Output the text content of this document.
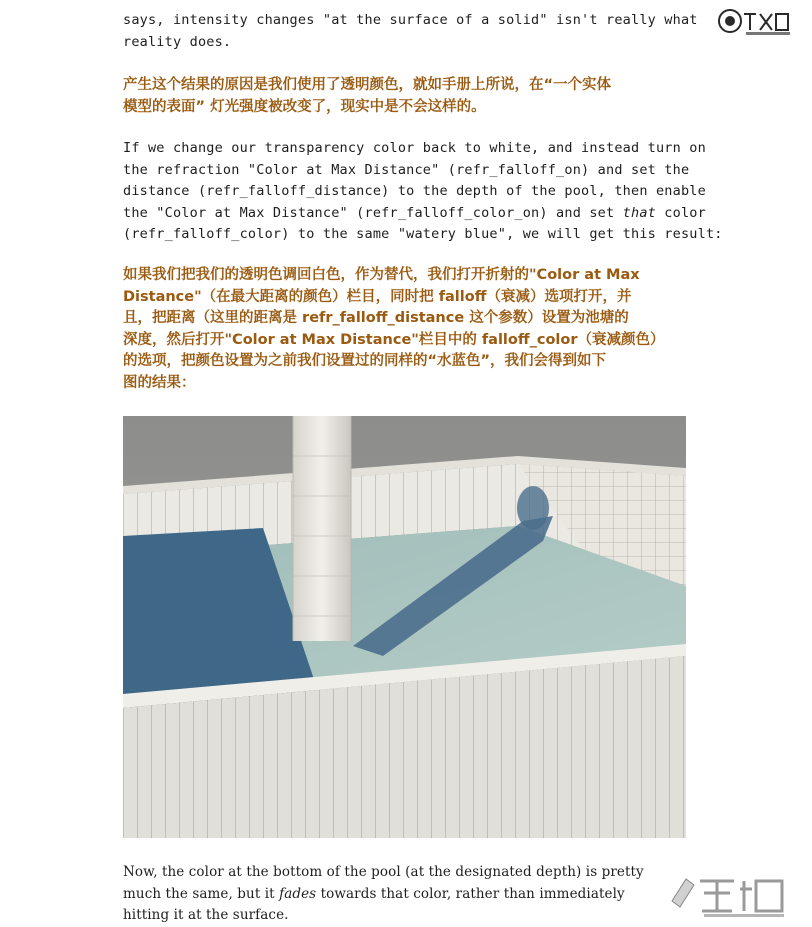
says, intensity changes "at the surface of a solid" isn't really what
reality does.
产生这个结果的原因是我们使用了透明颜色，就如手册上所说，在“一个实体
模型的表面” 灯光强度被改变了，现实中是不会这样的。
If we change our transparency color back to white, and instead turn on
the refraction "Color at Max Distance" (refr_falloff_on) and set the
distance (refr_falloff_distance) to the depth of the pool, then enable
the "Color at Max Distance" (refr_falloff_color_on) and set that color
(refr_falloff_color) to the same "watery blue", we will get this result:
如果我们把我们的透明色调回白色，作为替代，我们打开折射的"Color at Max
Distance"（在最大距离的颜色）栏目，同时把 falloff（衰减）选项打开，并
且，把距离（这里的距离是 refr_falloff_distance 这个参数）设置为池塘的
深度，然后打开"Color at Max Distance"栏目中的 falloff_color（衰减颜色）
的选项，把颜色设置为之前我们设置过的同样的“水蓝色”，我们会得到如下
图的结果：
Now, the color at the bottom of the pool (at the designated depth) is pretty
much the same, but it fades towards that color, rather than immediately
hitting it at the surface.
